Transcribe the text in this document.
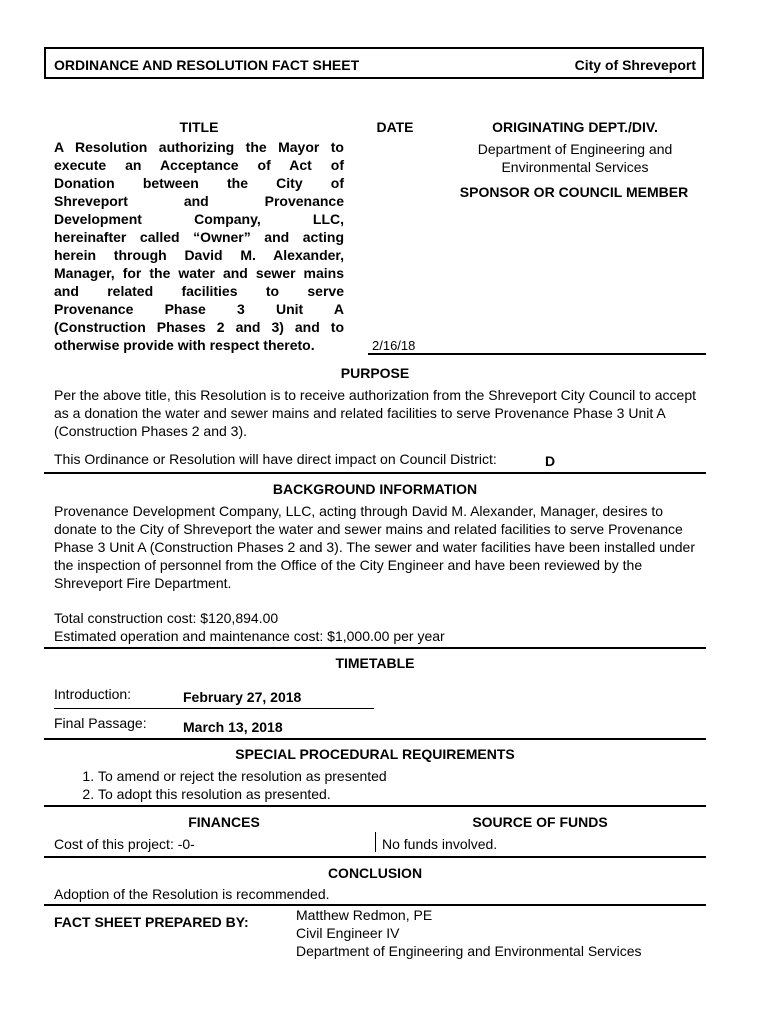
ORDINANCE AND RESOLUTION FACT SHEET	City of Shreveport
TITLE
A Resolution authorizing the Mayor to
execute an Acceptance of Act of
Donation between the City of
Shreveport and Provenance
Development Company, LLC,
hereinafter called “Owner” and acting
herein through David M. Alexander,
Manager, for the water and sewer mains
and related facilities to serve
Provenance Phase 3 Unit A
(Construction Phases 2 and 3) and to
otherwise provide with respect thereto.
DATE
2/16/18
ORIGINATING DEPT./DIV.
Department of Engineering and
Environmental Services
SPONSOR OR COUNCIL MEMBER
PURPOSE
Per the above title, this Resolution is to receive authorization from the Shreveport City Council to accept as a donation the water and sewer mains and related facilities to serve Provenance Phase 3 Unit A (Construction Phases 2 and 3).
This Ordinance or Resolution will have direct impact on Council District:	D
BACKGROUND INFORMATION
Provenance Development Company, LLC, acting through David M. Alexander, Manager, desires to donate to the City of Shreveport the water and sewer mains and related facilities to serve Provenance Phase 3 Unit A (Construction Phases 2 and 3). The sewer and water facilities have been installed under the inspection of personnel from the Office of the City Engineer and have been reviewed by the Shreveport Fire Department.
Total construction cost: $120,894.00
Estimated operation and maintenance cost: $1,000.00 per year
TIMETABLE
Introduction:	February 27, 2018
Final Passage:	March 13, 2018
SPECIAL PROCEDURAL REQUIREMENTS
1. To amend or reject the resolution as presented
2. To adopt this resolution as presented.
FINANCES
Cost of this project: -0-
SOURCE OF FUNDS
No funds involved.
CONCLUSION
Adoption of the Resolution is recommended.
FACT SHEET PREPARED BY:	Matthew Redmon, PE
Civil Engineer IV
Department of Engineering and Environmental Services
